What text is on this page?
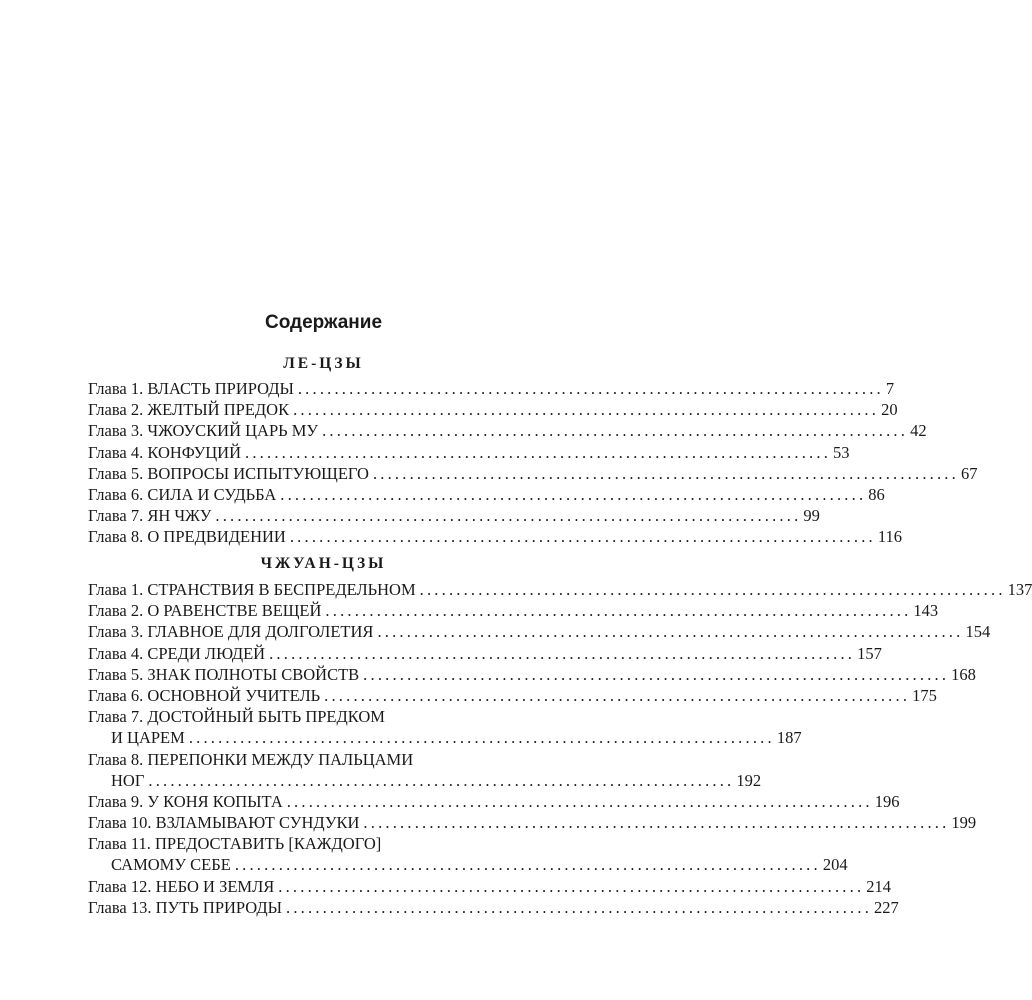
Содержание
ЛЕ-ЦЗЫ
Глава 1. ВЛАСТЬ ПРИРОДЫ ................................................................................ 7
Глава 2. ЖЕЛТЫЙ ПРЕДОК ................................................................................ 20
Глава 3. ЧЖОУСКИЙ ЦАРЬ МУ ................................................................................ 42
Глава 4. КОНФУЦИЙ ................................................................................ 53
Глава 5. ВОПРОСЫ ИСПЫТУЮЩЕГО ................................................................................ 67
Глава 6. СИЛА И СУДЬБА ................................................................................ 86
Глава 7. ЯН ЧЖУ ................................................................................ 99
Глава 8. О ПРЕДВИДЕНИИ ................................................................................ 116
ЧЖУАН-ЦЗЫ
Глава 1. СТРАНСТВИЯ В БЕСПРЕДЕЛЬНОМ ................................................................................ 137
Глава 2. О РАВЕНСТВЕ ВЕЩЕЙ ................................................................................ 143
Глава 3. ГЛАВНОЕ ДЛЯ ДОЛГОЛЕТИЯ ................................................................................ 154
Глава 4. СРЕДИ ЛЮДЕЙ ................................................................................ 157
Глава 5. ЗНАК ПОЛНОТЫ СВОЙСТВ ................................................................................ 168
Глава 6. ОСНОВНОЙ УЧИТЕЛЬ ................................................................................ 175
Глава 7. ДОСТОЙНЫЙ БЫТЬ ПРЕДКОМ
И ЦАРЕМ ................................................................................ 187
Глава 8. ПЕРЕПОНКИ МЕЖДУ ПАЛЬЦАМИ
НОГ ................................................................................ 192
Глава 9. У КОНЯ КОПЫТА ................................................................................ 196
Глава 10. ВЗЛАМЫВАЮТ СУНДУКИ ................................................................................ 199
Глава 11. ПРЕДОСТАВИТЬ [КАЖДОГО]
САМОМУ СЕБЕ ................................................................................ 204
Глава 12. НЕБО И ЗЕМЛЯ ................................................................................ 214
Глава 13. ПУТЬ ПРИРОДЫ ................................................................................ 227
